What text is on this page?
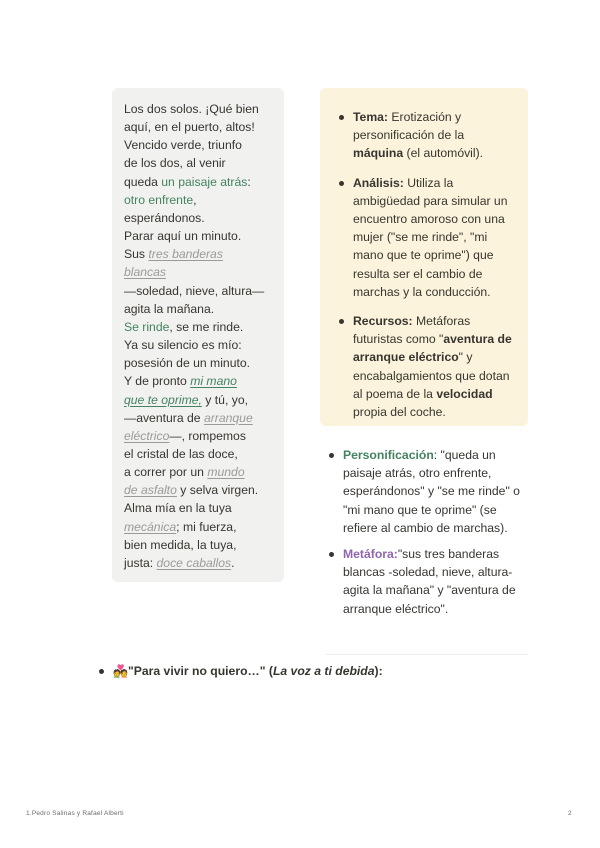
Los dos solos. ¡Qué bien
aquí, en el puerto, altos!
Vencido verde, triunfo
de los dos, al venir
queda un paisaje atrás:
otro enfrente,
esperándonos.
Parar aquí un minuto.
Sus tres banderas
blancas
—soledad, nieve, altura—
agita la mañana.
Se rinde, se me rinde.
Ya su silencio es mío:
posesión de un minuto.
Y de pronto mi mano
que te oprime, y tú, yo,
—aventura de arranque
eléctrico—, rompemos
el cristal de las doce,
a correr por un mundo
de asfalto y selva virgen.
Alma mía en la tuya
mecánica; mi fuerza,
bien medida, la tuya,
justa: doce caballos.
Tema: Erotización y personificación de la máquina (el automóvil).
Análisis: Utiliza la ambigüedad para simular un encuentro amoroso con una mujer ("se me rinde", "mi mano que te oprime") que resulta ser el cambio de marchas y la conducción.
Recursos: Metáforas futuristas como "aventura de arranque eléctrico" y encabalgamientos que dotan al poema de la velocidad propia del coche.
Personificación: "queda un paisaje atrás, otro enfrente, esperándonos" y "se me rinde" o "mi mano que te oprime" (se refiere al cambio de marchas).
Metáfora:"sus tres banderas blancas -soledad, nieve, altura- agita la mañana" y "aventura de arranque eléctrico".
💑"Para vivir no quiero…" (La voz a ti debida):
1.Pedro Salinas y Rafael Alberti	2
